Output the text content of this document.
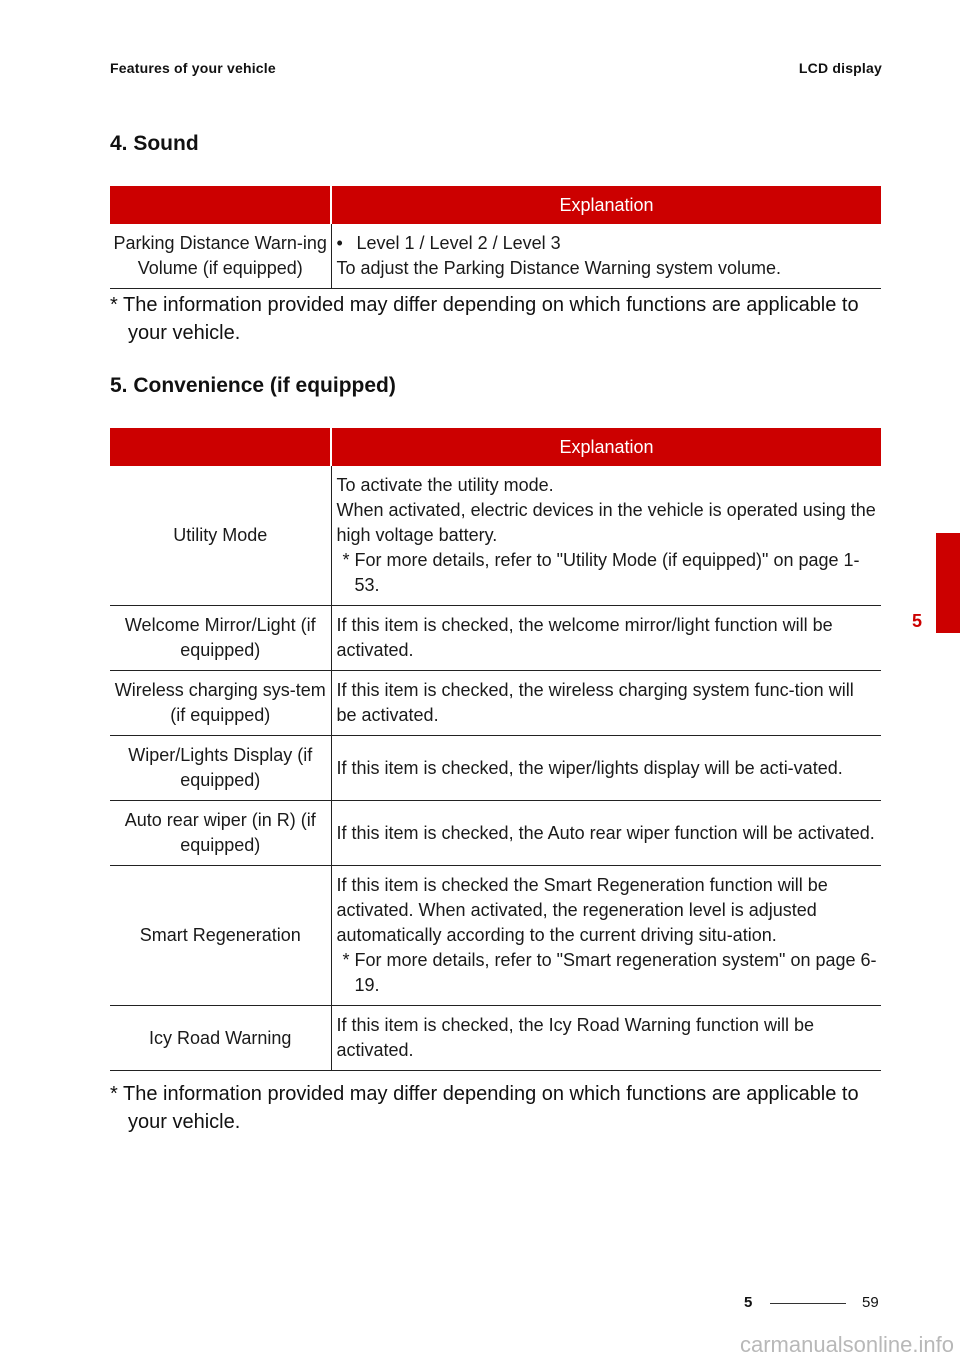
Features of your vehicle	LCD display
4. Sound
	Explanation
Parking Distance Warn-ing Volume (if equipped)	• Level 1 / Level 2 / Level 3
To adjust the Parking Distance Warning system volume.
* The information provided may differ depending on which functions are applicable to your vehicle.
5. Convenience (if equipped)
	Explanation
Utility Mode	To activate the utility mode.
When activated, electric devices in the vehicle is operated using the high voltage battery.
* For more details, refer to "Utility Mode (if equipped)" on page 1-53.

Welcome Mirror/Light (if equipped)	If this item is checked, the welcome mirror/light function will be activated.
Wireless charging sys-tem (if equipped)	If this item is checked, the wireless charging system func-tion will be activated.
Wiper/Lights Display (if equipped)	If this item is checked, the wiper/lights display will be acti-vated.
Auto rear wiper (in R) (if equipped)	If this item is checked, the Auto rear wiper function will be activated.
Smart Regeneration	If this item is checked the Smart Regeneration function will be activated. When activated, the regeneration level is adjusted automatically according to the current driving situ-ation.
* For more details, refer to "Smart regeneration system" on page 6-19.

Icy Road Warning	If this item is checked, the Icy Road Warning function will be activated.
* The information provided may differ depending on which functions are applicable to your vehicle.
5
5	59
carmanualsonline.info
